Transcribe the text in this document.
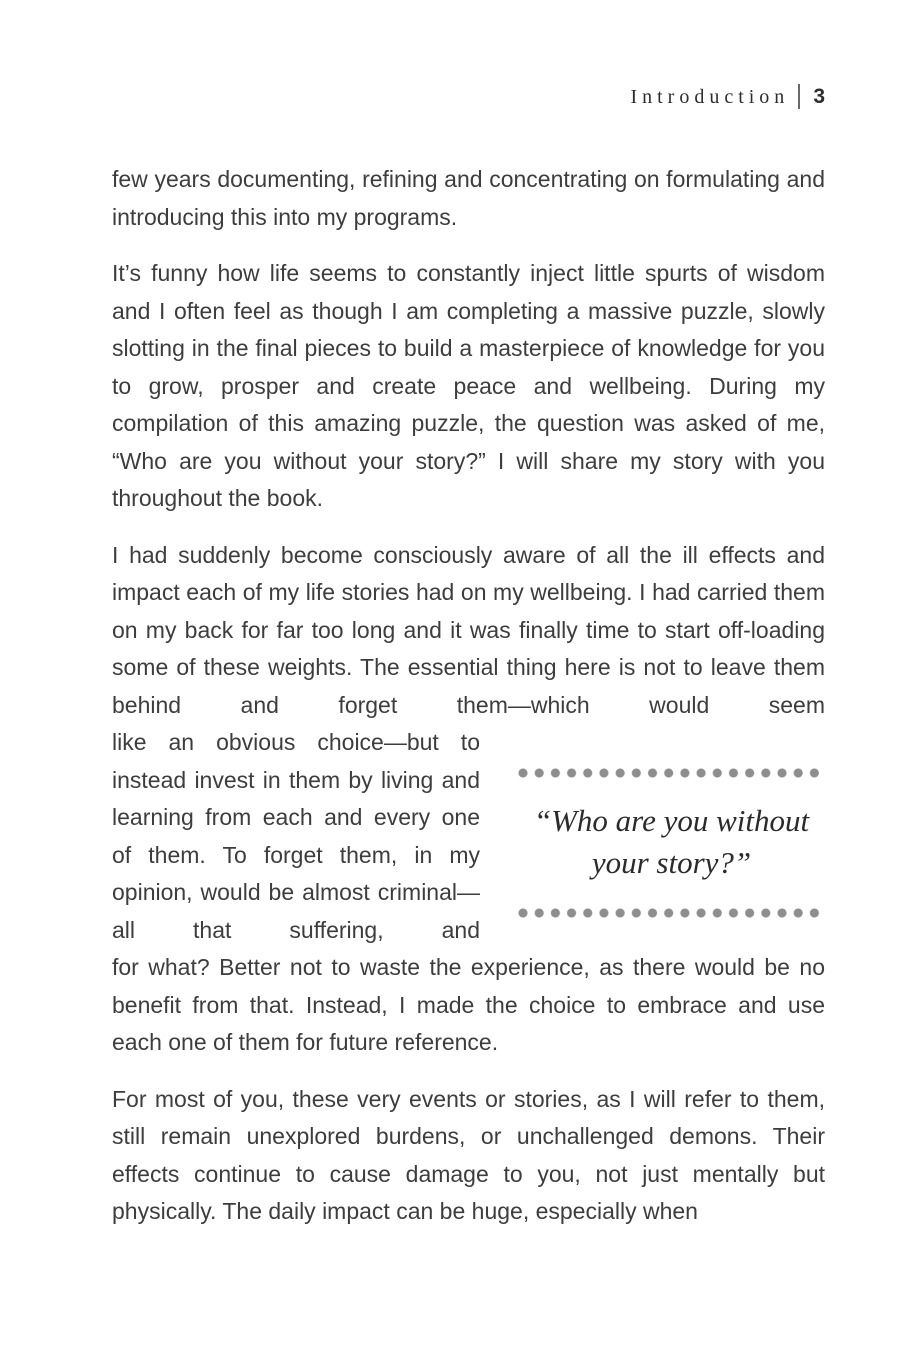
Introduction 3

few years documenting, refining and concentrating on formulating and introducing this into my programs.

It’s funny how life seems to constantly inject little spurts of wisdom and I often feel as though I am completing a massive puzzle, slowly slotting in the final pieces to build a masterpiece of knowledge for you to grow, prosper and create peace and wellbeing. During my compilation of this amazing puzzle, the question was asked of me, “Who are you without your story?” I will share my story with you throughout the book.

I had suddenly become consciously aware of all the ill effects and impact each of my life stories had on my wellbeing. I had carried them on my back for far too long and it was finally time to start off-loading some of these weights. The essential thing here is not to leave them behind and forget them—which would seem

like an obvious choice—but to instead invest in them by living and learning from each and every one of them. To forget them, in my opinion, would be almost criminal—all that suffering, and

“Who are you without your story?”

for what? Better not to waste the experience, as there would be no benefit from that. Instead, I made the choice to embrace and use each one of them for future reference.

For most of you, these very events or stories, as I will refer to them, still remain unexplored burdens, or unchallenged demons. Their effects continue to cause damage to you, not just mentally but physically. The daily impact can be huge, especially when
